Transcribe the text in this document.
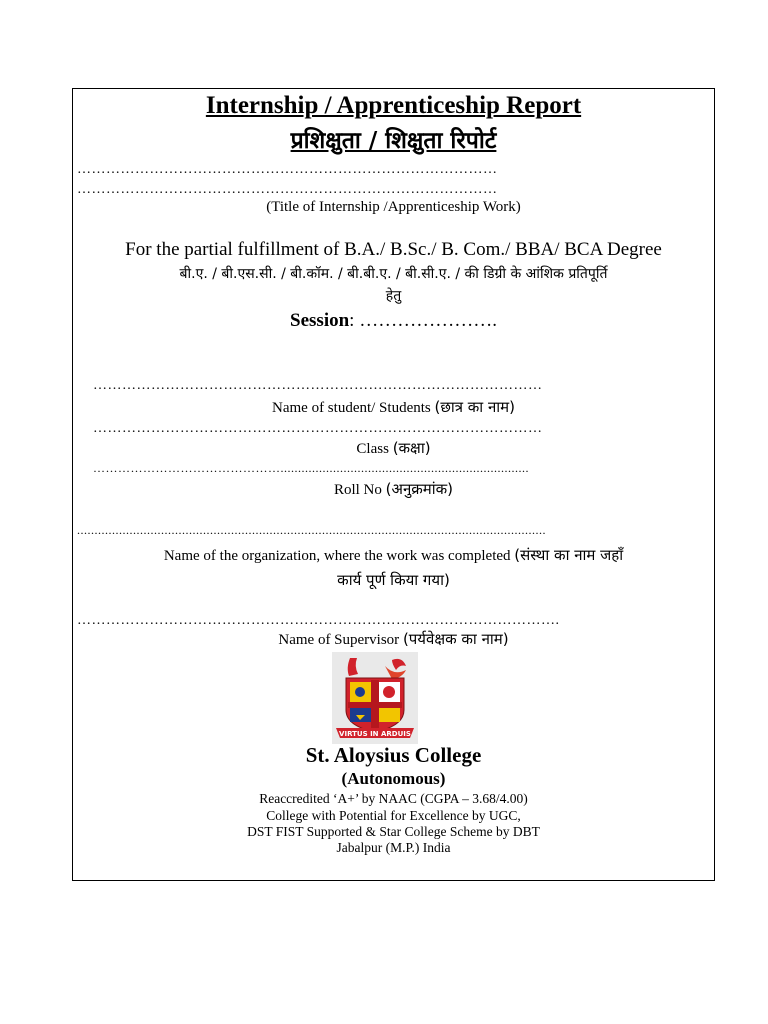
Internship / Apprenticeship Report
प्रशिक्षुता / शिक्षुता रिपोर्ट
……………………………………………………………………………
……………………………………………………………………………
(Title of Internship /Apprenticeship Work)
For the partial fulfillment of B.A./ B.Sc./ B. Com./ BBA/ BCA Degree
बी.ए. / बी.एस.सी. / बी.कॉम. / बी.बी.ए. / बी.सी.ए. / की डिग्री के आंशिक प्रतिपूर्ति
हेतु
Session: ………………….
…………………………………………………………………………………
Name of student/ Students (छात्र का नाम)
…………………………………………………………………………………
Class (कक्षा)
……………………………………….......................................................................
Roll No (अनुक्रमांक)
......................................................................................................................................
Name of the organization, where the work was completed (संस्था का नाम जहाँ
कार्य पूर्ण किया गया)
……………………………………………………………………………………….
Name of Supervisor (पर्यवेक्षक का नाम)
VIRTUS IN ARDUIS
St. Aloysius College
(Autonomous)
Reaccredited ‘A+’ by NAAC (CGPA – 3.68/4.00)
College with Potential for Excellence by UGC,
DST FIST Supported & Star College Scheme by DBT
Jabalpur (M.P.) India
